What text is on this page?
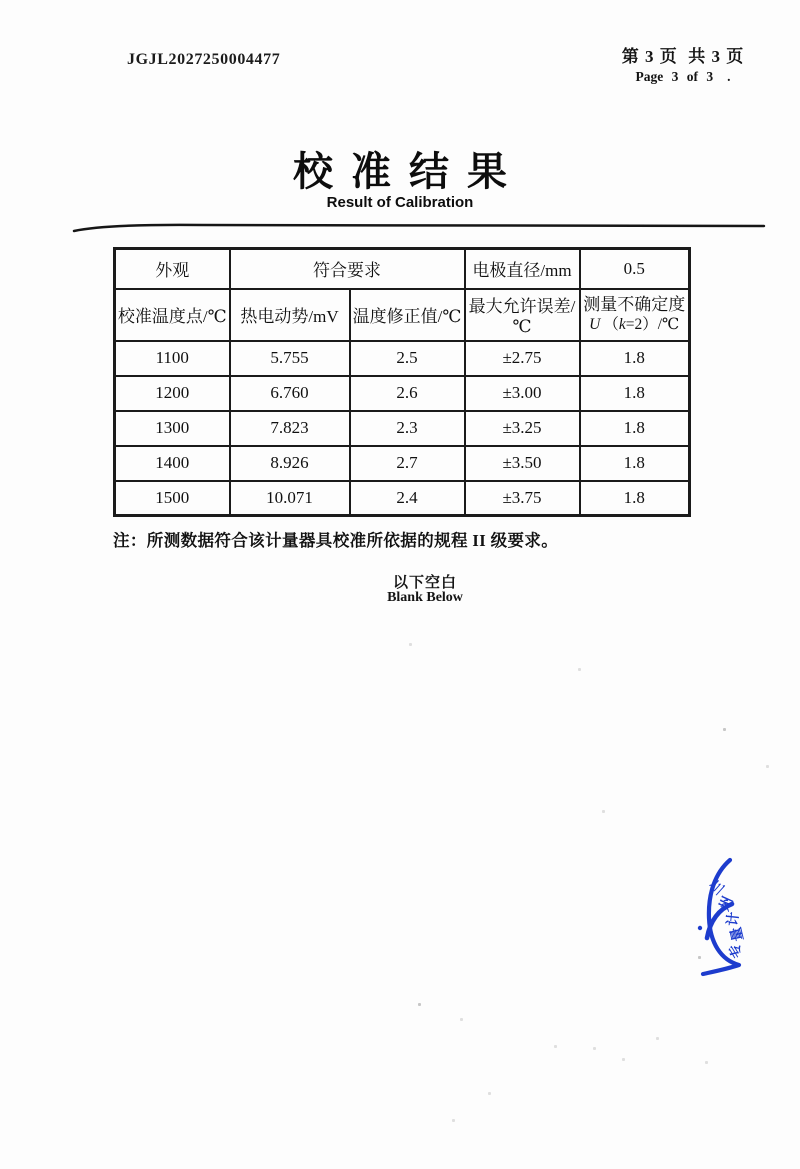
JGJL2027250004477	第 3 页  共 3 页
Page 3 of 3 .
校准结果
Result of Calibration
外观	符合要求		电极直径/mm	0.5
校准温度点/℃	热电动势/mV	温度修正值/℃	最大允许误差/℃	测量不确定度
U （k=2）/℃

1100	5.755	2.5	±2.75	1.8
1200	6.760	2.6	±3.00	1.8
1300	7.823	2.3	±3.25	1.8
1400	8.926	2.7	±3.50	1.8
1500	10.071	2.4	±3.75	1.8
注：所测数据符合该计量器具校准所依据的规程 II 级要求。
以下空白
Blank Below
兰
州
计
量
专
